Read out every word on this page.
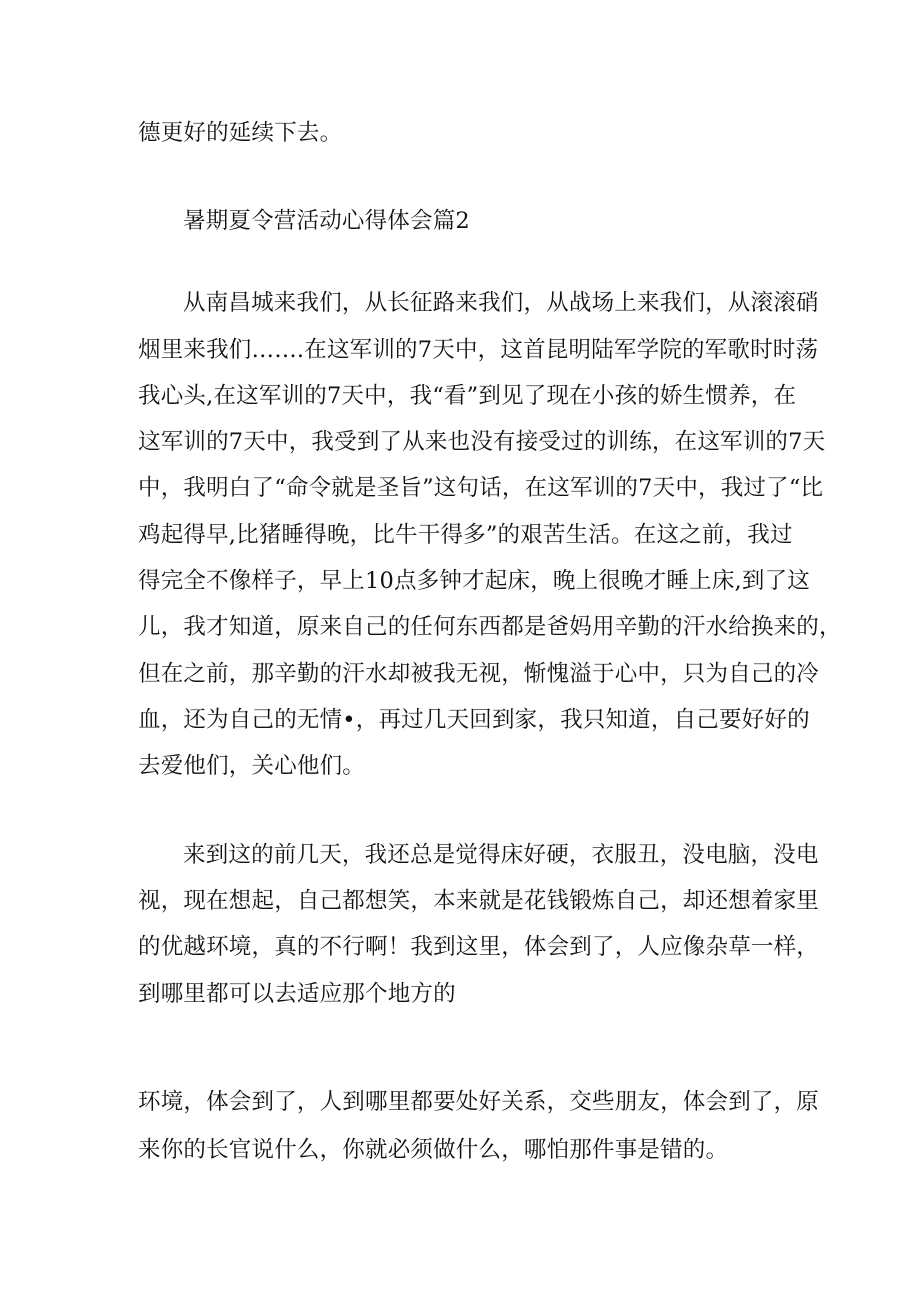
德更好的延续下去。
暑期夏令营活动心得体会篇2
从南昌城来我们，从长征路来我们，从战场上来我们，从滚滚硝
烟里来我们…….在这军训的7天中，这首昆明陆军学院的军歌时时荡
我心头,在这军训的7天中，我“看”到见了现在小孩的娇生惯养，在
这军训的7天中，我受到了从来也没有接受过的训练，在这军训的7天
中，我明白了“命令就是圣旨”这句话，在这军训的7天中，我过了“比
鸡起得早,比猪睡得晚，比牛干得多”的艰苦生活。在这之前，我过
得完全不像样子，早上10点多钟才起床，晚上很晚才睡上床,到了这
儿，我才知道，原来自己的任何东西都是爸妈用辛勤的汗水给换来的，
但在之前，那辛勤的汗水却被我无视，惭愧溢于心中，只为自己的冷
血，还为自己的无情•，再过几天回到家，我只知道，自己要好好的
去爱他们，关心他们。
来到这的前几天，我还总是觉得床好硬，衣服丑，没电脑，没电
视，现在想起，自己都想笑，本来就是花钱锻炼自己，却还想着家里
的优越环境，真的不行啊！我到这里，体会到了，人应像杂草一样，
到哪里都可以去适应那个地方的
环境，体会到了，人到哪里都要处好关系，交些朋友，体会到了，原
来你的长官说什么，你就必须做什么，哪怕那件事是错的。
